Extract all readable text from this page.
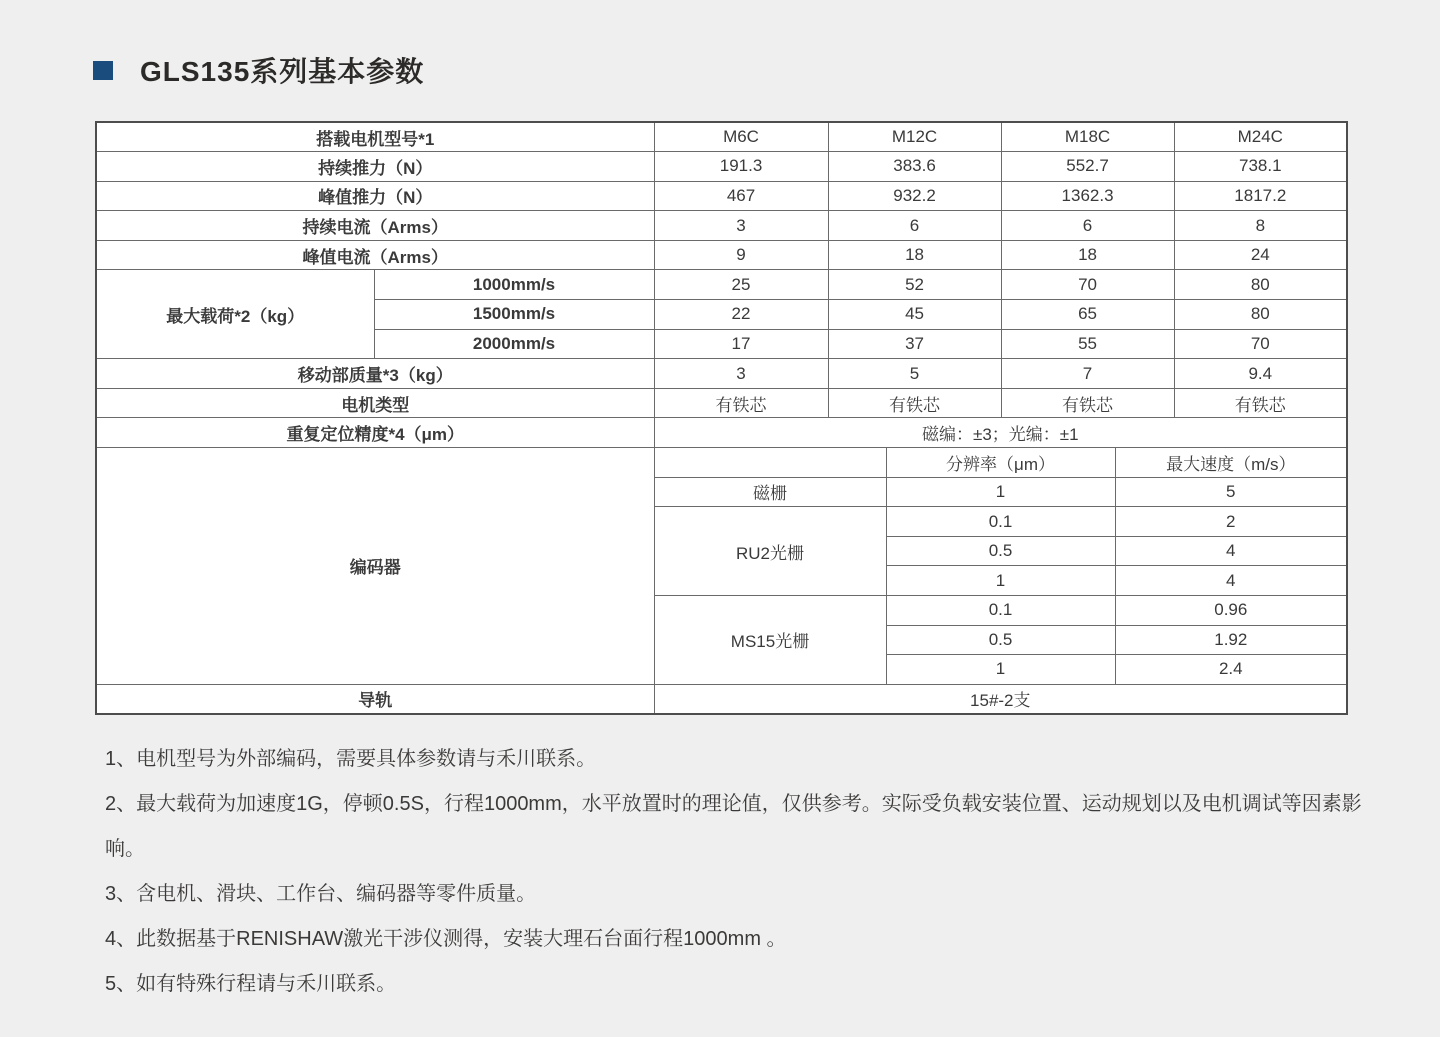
GLS135系列基本参数
搭载电机型号*1		M6C	M12C		M18C		M24C
持续推力（N）		191.3	383.6		552.7		738.1
峰值推力（N）		467	932.2		1362.3		1817.2
持续电流（Arms）		3	6		6		8
峰值电流（Arms）		9	18		18		24
最大载荷*2（kg）	1000mm/s	25	52		70		80
	1500mm/s	22	45		65		80
	2000mm/s	17	37		55		70
移动部质量*3（kg）		3	5		7		9.4
电机类型		有铁芯	有铁芯		有铁芯		有铁芯
重复定位精度*4（μm）		磁编：±3；光编：±1					
编码器				分辨率（μm）		最大速度（m/s）	
		磁栅		1		5	
		RU2光栅		0.1		2	
				0.5		4	
				1		4	
		MS15光栅		0.1		0.96	
				0.5		1.92	
				1		2.4	
导轨		15#-2支					

1、电机型号为外部编码，需要具体参数请与禾川联系。

2、最大载荷为加速度1G，停顿0.5S，行程1000mm，水平放置时的理论值，仅供参考。实际受负载安装位置、运动规划以及电机调试等因素影响。

3、含电机、滑块、工作台、编码器等零件质量。

4、此数据基于RENISHAW激光干涉仪测得，安装大理石台面行程1000mm 。

5、如有特殊行程请与禾川联系。
